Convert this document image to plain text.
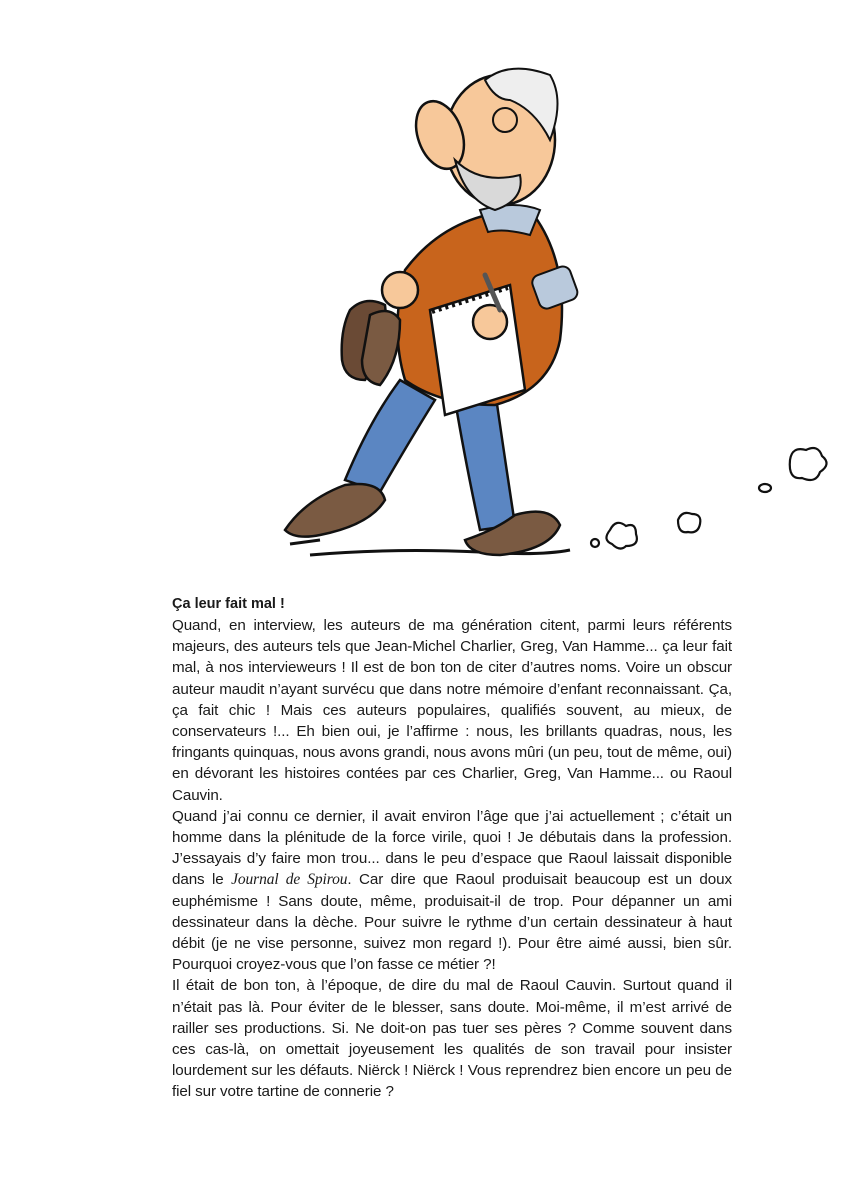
Ça leur fait mal !

Quand, en interview, les auteurs de ma génération citent, parmi leurs référents majeurs, des auteurs tels que Jean-Michel Charlier, Greg, Van Hamme... ça leur fait mal, à nos intervieweurs ! Il est de bon ton de citer d’autres noms. Voire un obscur auteur maudit n’ayant survécu que dans notre mémoire d’enfant reconnaissant. Ça, ça fait chic ! Mais ces auteurs populaires, qualifiés souvent, au mieux, de conservateurs !... Eh bien oui, je l’affirme : nous, les brillants quadras, nous, les fringants quinquas, nous avons grandi, nous avons mûri (un peu, tout de même, oui) en dévorant les histoires contées par ces Charlier, Greg, Van Hamme... ou Raoul Cauvin.

Quand j’ai connu ce dernier, il avait environ l’âge que j’ai actuellement ; c’était un homme dans la plénitude de la force virile, quoi ! Je débutais dans la profession. J’essayais d’y faire mon trou... dans le peu d’espace que Raoul laissait disponible dans le Journal de Spirou. Car dire que Raoul produisait beaucoup est un doux euphémisme ! Sans doute, même, produisait-il de trop. Pour dépanner un ami dessinateur dans la dèche. Pour suivre le rythme d’un certain dessinateur à haut débit (je ne vise personne, suivez mon regard !). Pour être aimé aussi, bien sûr. Pourquoi croyez-vous que l’on fasse ce métier ?!

Il était de bon ton, à l’époque, de dire du mal de Raoul Cauvin. Surtout quand il n’était pas là. Pour éviter de le blesser, sans doute. Moi-même, il m’est arrivé de railler ses productions. Si. Ne doit-on pas tuer ses pères ? Comme souvent dans ces cas-là, on omettait joyeusement les qualités de son travail pour insister lourdement sur les défauts. Niërck ! Niërck ! Vous reprendrez bien encore un peu de fiel sur votre tartine de connerie ?
